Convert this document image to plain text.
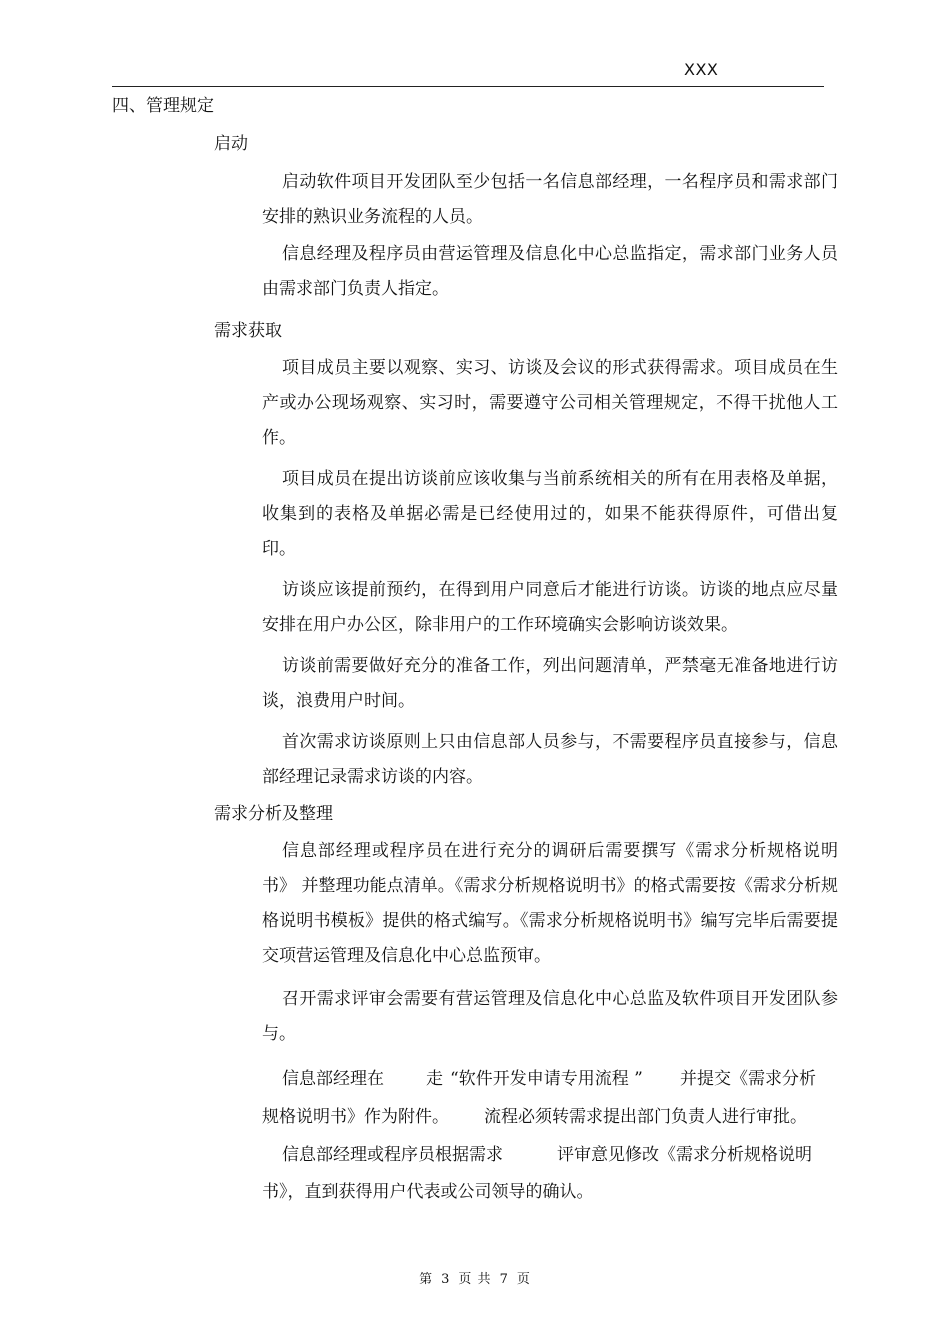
XXX
四、管理规定
启动

启动软件项目开发团队至少包括一名信息部经理，一名程序员和需求部门安排的熟识业务流程的人员。

信息经理及程序员由营运管理及信息化中心总监指定，需求部门业务人员由需求部门负责人指定。

需求获取

项目成员主要以观察、实习、访谈及会议的形式获得需求。项目成员在生产或办公现场观察、实习时，需要遵守公司相关管理规定，不得干扰他人工作。

项目成员在提出访谈前应该收集与当前系统相关的所有在用表格及单据，收集到的表格及单据必需是已经使用过的，如果不能获得原件，可借出复印。

访谈应该提前预约，在得到用户同意后才能进行访谈。访谈的地点应尽量安排在用户办公区，除非用户的工作环境确实会影响访谈效果。

访谈前需要做好充分的准备工作，列出问题清单，严禁毫无准备地进行访谈，浪费用户时间。

首次需求访谈原则上只由信息部人员参与，不需要程序员直接参与，信息部经理记录需求访谈的内容。

需求分析及整理

信息部经理或程序员在进行充分的调研后需要撰写《需求分析规格说明书》 并整理功能点清单。《需求分析规格说明书》的格式需要按《需求分析规格说明书模板》提供的格式编写。《需求分析规格说明书》编写完毕后需要提交项营运管理及信息化中心总监预审。

召开需求评审会需要有营运管理及信息化中心总监及软件项目开发团队参与。

信息部经理在 走 “软件开发申请专用流程 ” 并提交《需求分析
规格说明书》作为附件。 流程必须转需求提出部门负责人进行审批。
信息部经理或程序员根据需求	评审意见修改《需求分析规格说明
书》，直到获得用户代表或公司领导的确认。
第 3 页 共 7 页
